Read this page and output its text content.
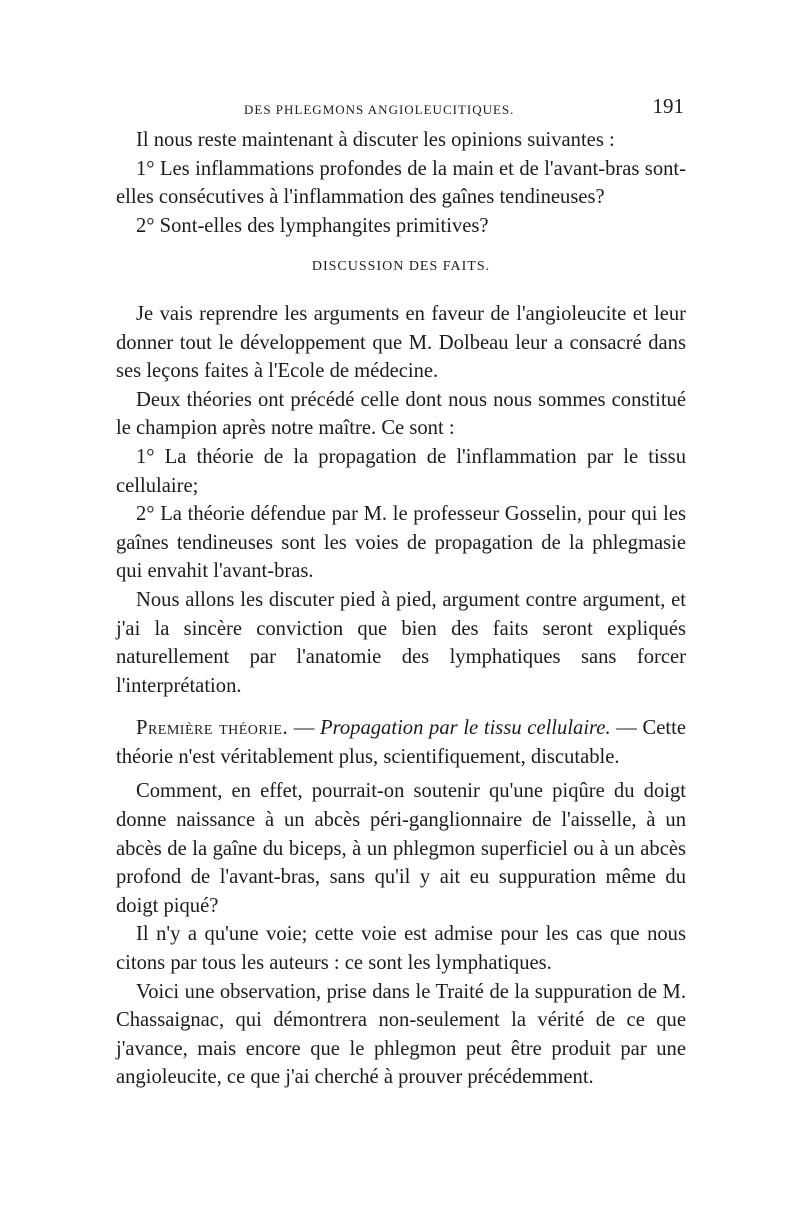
DES PHLEGMONS ANGIOLEUCITIQUES.	191

Il nous reste maintenant à discuter les opinions suivantes :

1° Les inflammations profondes de la main et de l'avant-bras sont-elles consécutives à l'inflammation des gaînes tendineuses?

2° Sont-elles des lymphangites primitives?

DISCUSSION DES FAITS.

Je vais reprendre les arguments en faveur de l'angioleucite et leur donner tout le développement que M. Dolbeau leur a consacré dans ses leçons faites à l'Ecole de médecine.

Deux théories ont précédé celle dont nous nous sommes constitué le champion après notre maître. Ce sont :

1° La théorie de la propagation de l'inflammation par le tissu cellulaire;

2° La théorie défendue par M. le professeur Gosselin, pour qui les gaînes tendineuses sont les voies de propagation de la phlegmasie qui envahit l'avant-bras.

Nous allons les discuter pied à pied, argument contre argument, et j'ai la sincère conviction que bien des faits seront expliqués naturellement par l'anatomie des lymphatiques sans forcer l'interprétation.

Première théorie. — Propagation par le tissu cellulaire. — Cette théorie n'est véritablement plus, scientifiquement, discutable.

Comment, en effet, pourrait-on soutenir qu'une piqûre du doigt donne naissance à un abcès péri-ganglionnaire de l'aisselle, à un abcès de la gaîne du biceps, à un phlegmon superficiel ou à un abcès profond de l'avant-bras, sans qu'il y ait eu suppuration même du doigt piqué?

Il n'y a qu'une voie; cette voie est admise pour les cas que nous citons par tous les auteurs : ce sont les lymphatiques.

Voici une observation, prise dans le Traité de la suppuration de M. Chassaignac, qui démontrera non-seulement la vérité de ce que j'avance, mais encore que le phlegmon peut être produit par une angioleucite, ce que j'ai cherché à prouver précédemment.
